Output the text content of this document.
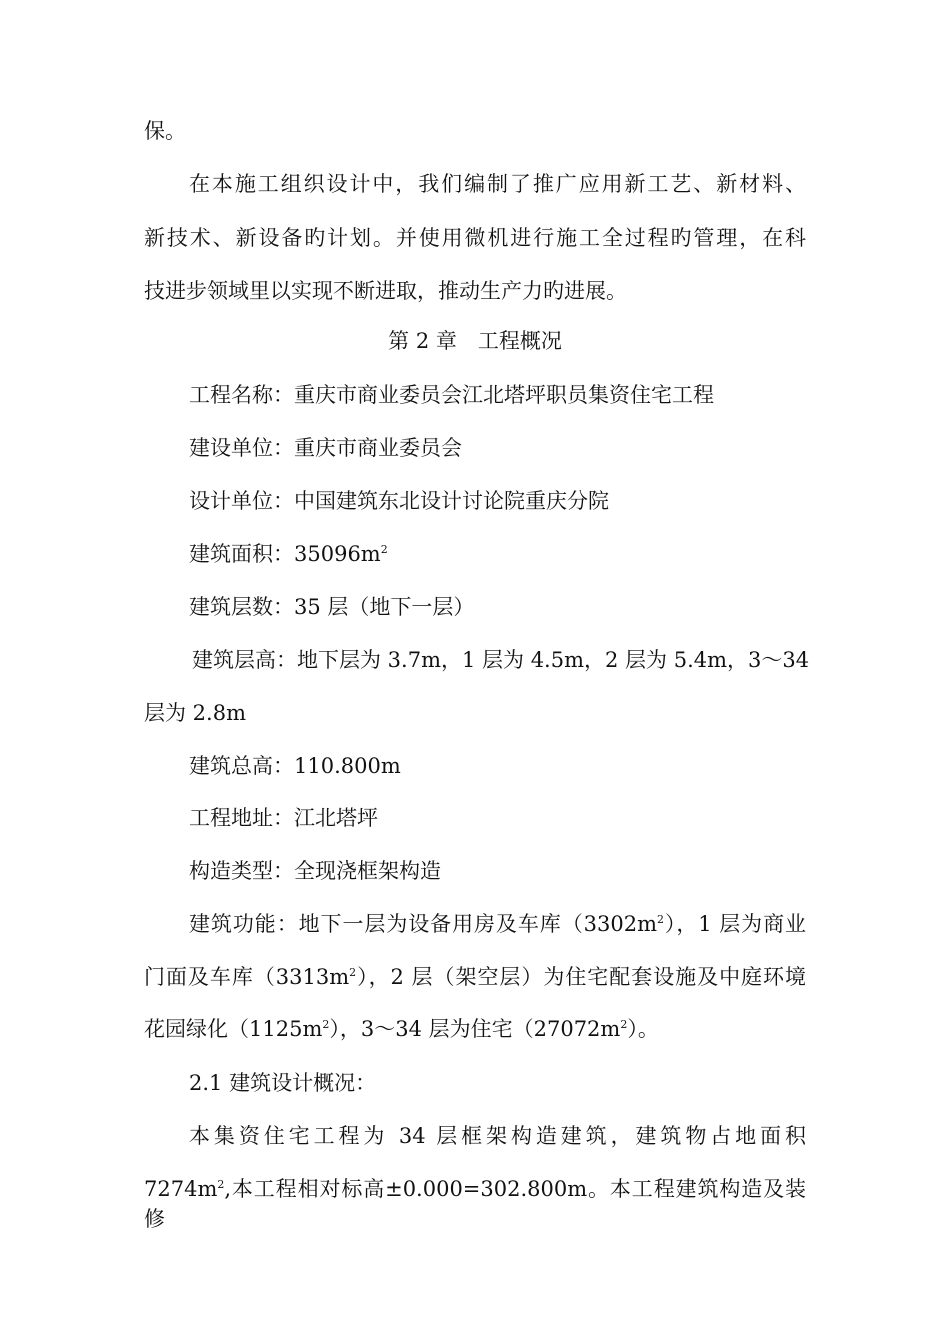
保。
在本施工组织设计中，我们编制了推广应用新工艺、新材料、
新技术、新设备旳计划。并使用微机进行施工全过程旳管理，在科
技进步领域里以实现不断进取，推动生产力旳进展。
第 2 章　工程概况
工程名称：重庆市商业委员会江北塔坪职员集资住宅工程
建设单位：重庆市商业委员会
设计单位：中国建筑东北设计讨论院重庆分院
建筑面积：$35096m^2$
建筑层数：35 层（地下一层）
建筑层高：地下层为 3.7m，1 层为 4.5m，2 层为 5.4m，3～34
层为 2.8m
建筑总高：110.800m
工程地址：江北塔坪
构造类型：全现浇框架构造
建筑功能：地下一层为设备用房及车库$(3302m^2)$，1 层为商业
门面及车库$(3313m^2)$，2 层（架空层）为住宅配套设施及中庭环境
花园绿化$(1125m^2)$，3～34 层为住宅$(27072m^2)$。
2.1 建筑设计概况：
本集资住宅工程为 34 层框架构造建筑，建筑物占地面积
$7274m^2$,本工程相对标高±0.000=302.800m。本工程建筑构造及装修
